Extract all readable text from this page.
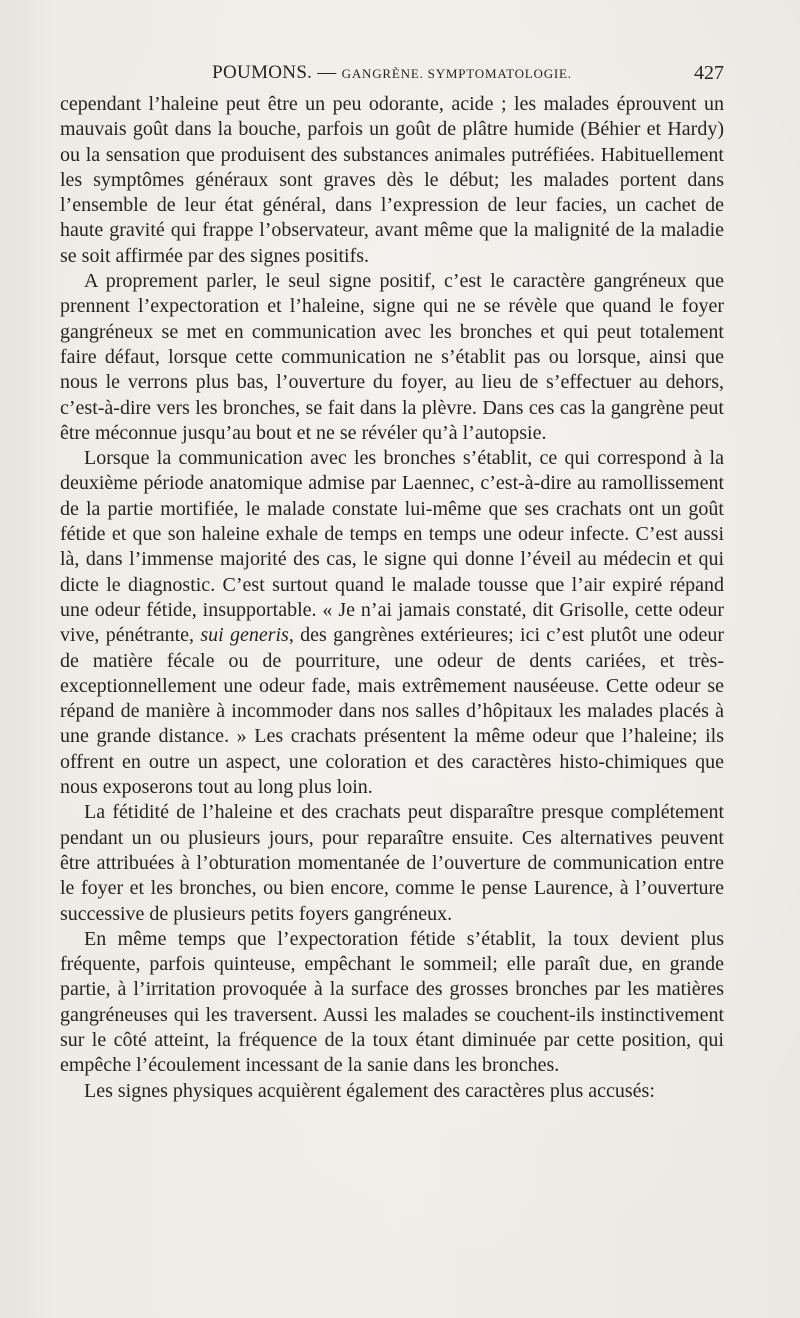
POUMONS. — GANGRÈNE. SYMPTOMATOLOGIE.	427

cependant l’haleine peut être un peu odorante, acide ; les malades éprouvent un mauvais goût dans la bouche, parfois un goût de plâtre humide (Béhier et Hardy) ou la sensation que produisent des substances animales putréfiées. Habituellement les symptômes généraux sont graves dès le début; les malades portent dans l’ensemble de leur état général, dans l’expression de leur facies, un cachet de haute gravité qui frappe l’observateur, avant même que la malignité de la maladie se soit affirmée par des signes positifs.

A proprement parler, le seul signe positif, c’est le caractère gangréneux que prennent l’expectoration et l’haleine, signe qui ne se révèle que quand le foyer gangréneux se met en communication avec les bronches et qui peut totalement faire défaut, lorsque cette communication ne s’établit pas ou lorsque, ainsi que nous le verrons plus bas, l’ouverture du foyer, au lieu de s’effectuer au dehors, c’est-à-dire vers les bronches, se fait dans la plèvre. Dans ces cas la gangrène peut être méconnue jusqu’au bout et ne se révéler qu’à l’autopsie.

Lorsque la communication avec les bronches s’établit, ce qui correspond à la deuxième période anatomique admise par Laennec, c’est-à-dire au ramollissement de la partie mortifiée, le malade constate lui-même que ses crachats ont un goût fétide et que son haleine exhale de temps en temps une odeur infecte. C’est aussi là, dans l’immense majorité des cas, le signe qui donne l’éveil au médecin et qui dicte le diagnostic. C’est surtout quand le malade tousse que l’air expiré répand une odeur fétide, insupportable. « Je n’ai jamais constaté, dit Grisolle, cette odeur vive, pénétrante, sui generis, des gangrènes extérieures; ici c’est plutôt une odeur de matière fécale ou de pourriture, une odeur de dents cariées, et très-exceptionnellement une odeur fade, mais extrêmement nauséeuse. Cette odeur se répand de manière à incommoder dans nos salles d’hôpitaux les malades placés à une grande distance. » Les crachats présentent la même odeur que l’haleine; ils offrent en outre un aspect, une coloration et des caractères histo-chimiques que nous exposerons tout au long plus loin.

La fétidité de l’haleine et des crachats peut disparaître presque complétement pendant un ou plusieurs jours, pour reparaître ensuite. Ces alternatives peuvent être attribuées à l’obturation momentanée de l’ouverture de communication entre le foyer et les bronches, ou bien encore, comme le pense Laurence, à l’ouverture successive de plusieurs petits foyers gangréneux.

En même temps que l’expectoration fétide s’établit, la toux devient plus fréquente, parfois quinteuse, empêchant le sommeil; elle paraît due, en grande partie, à l’irritation provoquée à la surface des grosses bronches par les matières gangréneuses qui les traversent. Aussi les malades se couchent-ils instinctivement sur le côté atteint, la fréquence de la toux étant diminuée par cette position, qui empêche l’écoulement incessant de la sanie dans les bronches.

Les signes physiques acquièrent également des caractères plus accusés:
